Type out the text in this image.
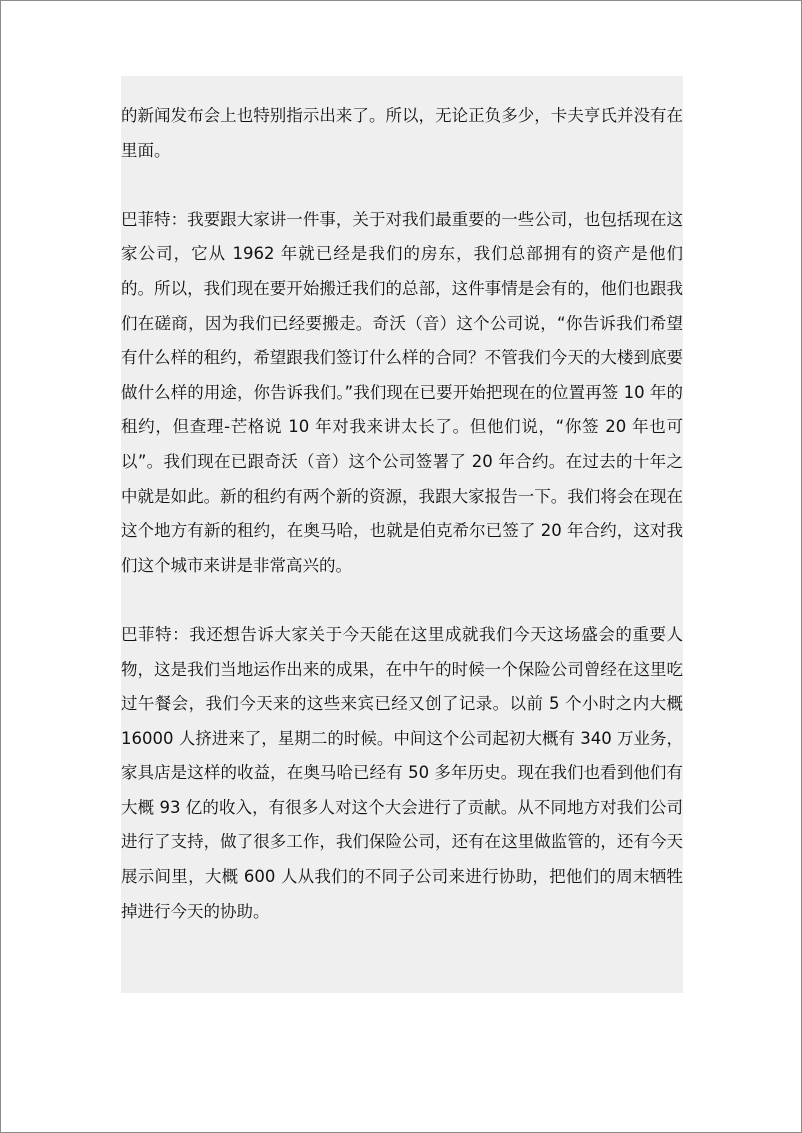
的新闻发布会上也特别指示出来了。所以，无论正负多少，卡夫亨氏并没有在里面。

巴菲特：我要跟大家讲一件事，关于对我们最重要的一些公司，也包括现在这家公司，它从 1962 年就已经是我们的房东，我们总部拥有的资产是他们的。所以，我们现在要开始搬迁我们的总部，这件事情是会有的，他们也跟我们在磋商，因为我们已经要搬走。奇沃（音）这个公司说，“你告诉我们希望有什么样的租约，希望跟我们签订什么样的合同？不管我们今天的大楼到底要做什么样的用途，你告诉我们。”我们现在已要开始把现在的位置再签 10 年的租约，但查理-芒格说 10 年对我来讲太长了。但他们说，“你签 20 年也可以”。我们现在已跟奇沃（音）这个公司签署了 20 年合约。在过去的十年之中就是如此。新的租约有两个新的资源，我跟大家报告一下。我们将会在现在这个地方有新的租约，在奥马哈，也就是伯克希尔已签了 20 年合约，这对我们这个城市来讲是非常高兴的。

巴菲特：我还想告诉大家关于今天能在这里成就我们今天这场盛会的重要人物，这是我们当地运作出来的成果，在中午的时候一个保险公司曾经在这里吃过午餐会，我们今天来的这些来宾已经又创了记录。以前 5 个小时之内大概 16000 人挤进来了，星期二的时候。中间这个公司起初大概有 340 万业务，家具店是这样的收益，在奥马哈已经有 50 多年历史。现在我们也看到他们有大概 93 亿的收入，有很多人对这个大会进行了贡献。从不同地方对我们公司进行了支持，做了很多工作，我们保险公司，还有在这里做监管的，还有今天展示间里，大概 600 人从我们的不同子公司来进行协助，把他们的周末牺牲掉进行今天的协助。
